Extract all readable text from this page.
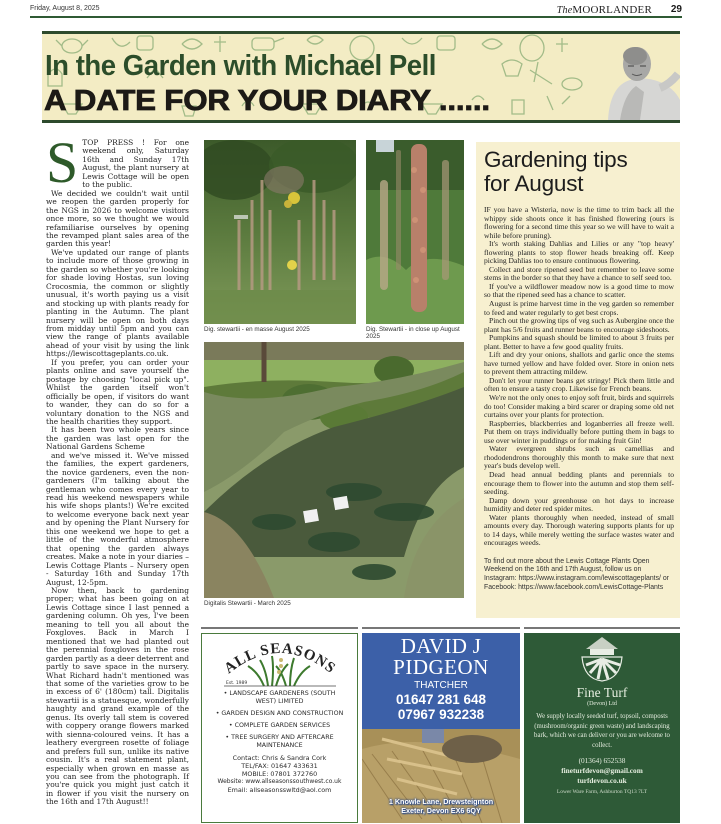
Friday, August 8, 2025	TheMOORLANDER 29
In the Garden with Michael Pell
A DATE FOR YOUR DIARY ......

STOP PRESS ! For one weekend only, Saturday 16th and Sunday 17th August, the plant nursery at Lewis Cottage will be open to the public.

We decided we couldn't wait until we reopen the garden properly for the NGS in 2026 to welcome visitors once more, so we thought we would refamiliarise ourselves by opening the revamped plant sales area of the garden this year!

We've updated our range of plants to include more of those growing in the garden so whether you're looking for shade loving Hostas, sun loving Crocosmia, the common or slightly unusual, it's worth paying us a visit and stocking up with plants ready for planting in the Autumn. The plant nursery will be open on both days from midday until 5pm and you can view the range of plants available ahead of your visit by using the link https://lewiscottageplants.co.uk.

If you prefer, you can order your plants online and save yourself the postage by choosing "local pick up". Whilst the garden itself won't officially be open, if visitors do want to wander, they can do so for a voluntary donation to the NGS and the health charities they support.

It has been two whole years since the garden was last open for the National Gardens Scheme

and we've missed it. We've missed the families, the expert gardeners, the novice gardeners, even the non-gardeners (I'm talking about the gentleman who comes every year to read his weekend newspapers while his wife shops plants!) We're excited to welcome everyone back next year and by opening the Plant Nursery for this one weekend we hope to get a little of the wonderful atmosphere that opening the garden always creates. Make a note in your diaries – Lewis Cottage Plants – Nursery open - Saturday 16th and Sunday 17th August, 12-5pm.

Now then, back to gardening proper; what has been going on at Lewis Cottage since I last penned a gardening column. Oh yes, I've been meaning to tell you all about the Foxgloves. Back in March I mentioned that we had planted out the perennial foxgloves in the rose garden partly as a deer deterrent and partly to save space in the nursery. What Richard hadn't mentioned was that some of the varieties grow to be in excess of 6' (180cm) tall. Digitalis stewartii is a statuesque, wonderfully haughty and grand example of the genus. Its overly tall stem is covered with coppery orange flowers marked with sienna-coloured veins. It has a leathery evergreen rosette of foliage and prefers full sun, unlike its native cousin. It's a real statement plant, especially when grown en masse as you can see from the photograph. If you're quick you might just catch it in flower if you visit the nursery on the 16th and 17th August!!

Dig. stewartii - en masse August 2025	Dig. Stewartii - in close up August 2025
Digitalis Stewartii - March 2025
Gardening tips
for August

IF you have a Wisteria, now is the time to trim back all the whippy side shoots once it has finished flowering (ours is flowering for a second time this year so we will have to wait a while before pruning).

It's worth staking Dahlias and Lilies or any "top heavy' flowering plants to stop flower heads breaking off. Keep picking Dahlias too to ensure continuous flowering.

Collect and store ripened seed but remember to leave some stems in the border so that they have a chance to self seed too.

If you've a wildflower meadow now is a good time to mow so that the ripened seed has a chance to scatter.

August is prime harvest time in the veg garden so remember to feed and water regularly to get best crops.

Pinch out the growing tips of veg such as Aubergine once the plant has 5/6 fruits and runner beans to encourage sideshoots.

Pumpkins and squash should be limited to about 3 fruits per plant. Better to have a few good quality fruits.

Lift and dry your onions, shallots and garlic once the stems have turned yellow and have folded over. Store in onion nets to prevent them attracting mildew.

Don't let your runner beans get stringy! Pick them little and often to ensure a tasty crop. Likewise for French beans.

We're not the only ones to enjoy soft fruit, birds and squirrels do too! Consider making a bird scarer or draping some old net curtains over your plants for protection.

Raspberries, blackberries and loganberries all freeze well. Put them on trays individually before putting them in bags to use over winter in puddings or for making fruit Gin!

Water evergreen shrubs such as camellias and rhododendrons thoroughly this month to make sure that next year's buds develop well.

Dead head annual bedding plants and perennials to encourage them to flower into the autumn and stop them self- seeding.

Damp down your greenhouse on hot days to increase humidity and deter red spider mites.

Water plants thoroughly when needed, instead of small amounts every day. Thorough watering supports plants for up to 14 days, while merely wetting the surface wastes water and encourages weeds.

To find out more about the Lewis Cottage Plants Open Weekend on the 16th and 17th August, follow us on Instagram: https://www.instagram.com/lewiscottageplants/ or Facebook: https://www.facebook.com/LewisCottage-Plants
ALL SEASONS
Est. 1989
• LANDSCAPE GARDENERS (SOUTH WEST) LIMITED
• GARDEN DESIGN AND CONSTRUCTION
• COMPLETE GARDEN SERVICES
• TREE SURGERY AND AFTERCARE MAINTENANCE
Contact: Chris & Sandra Cork
TEL/FAX: 01647 433631
MOBILE: 07801 372760
Website: www.allseasonssouthwest.co.uk
Email: allseasonsswltd@aol.com
DAVID J
PIDGEON
THATCHER
01647 281 648
07967 932238
1 Knowle Lane, Drewsteignton
Exeter, Devon EX6 6QY
Fine Turf
(Devon) Ltd
We supply locally seeded turf, topsoil, composts (mushroom/organic green waste) and landscaping bark, which we can deliver or you are welcome to collect.
(01364) 652538
fineturfdevon@gmail.com
turfdevon.co.uk
Lower Ware Farm, Ashburton TQ13 7LT
